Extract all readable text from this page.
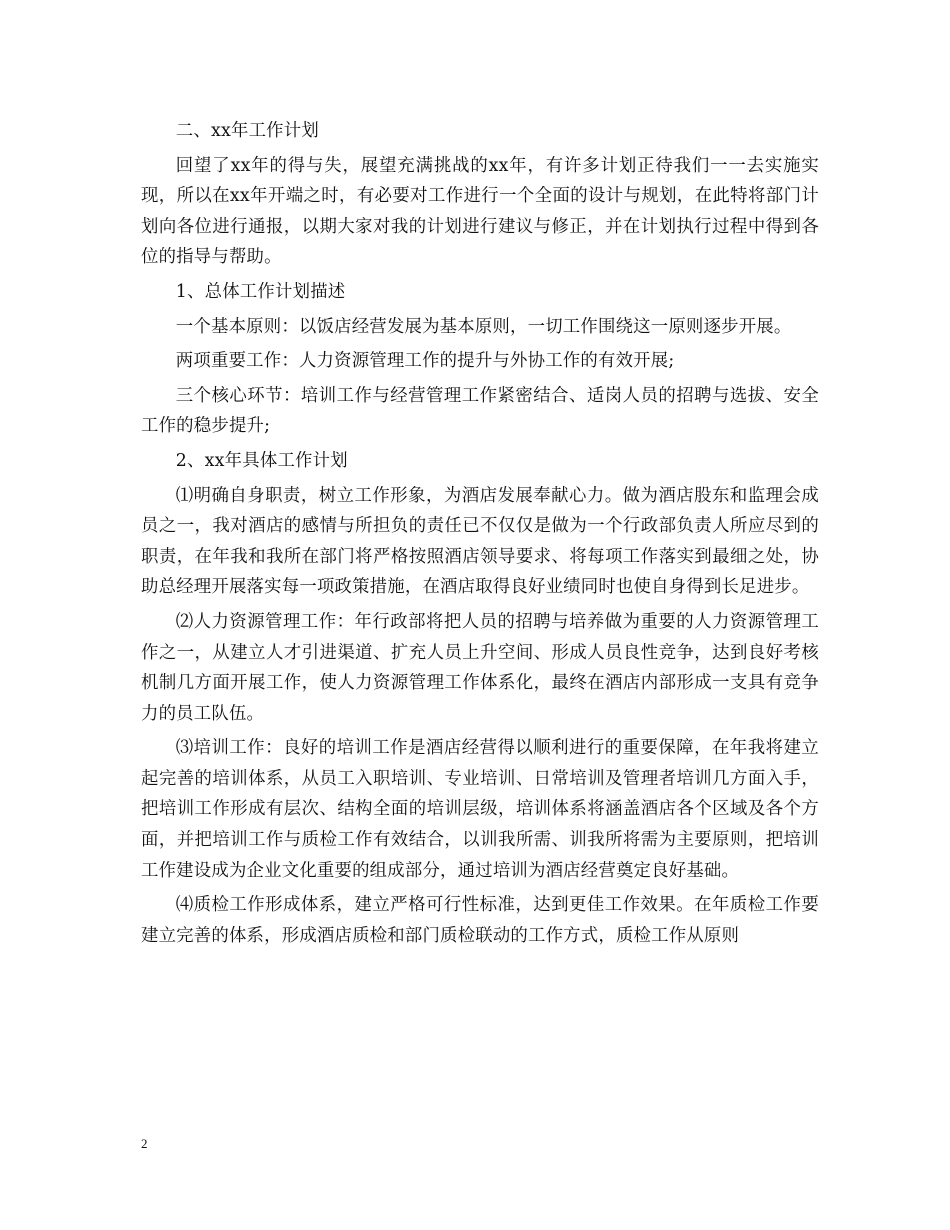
二、xx年工作计划

回望了xx年的得与失，展望充满挑战的xx年，有许多计划正待我们一一去实施实现，所以在xx年开端之时，有必要对工作进行一个全面的设计与规划，在此特将部门计划向各位进行通报，以期大家对我的计划进行建议与修正，并在计划执行过程中得到各位的指导与帮助。

1、总体工作计划描述

一个基本原则：以饭店经营发展为基本原则，一切工作围绕这一原则逐步开展。

两项重要工作：人力资源管理工作的提升与外协工作的有效开展;

三个核心环节：培训工作与经营管理工作紧密结合、适岗人员的招聘与选拔、安全工作的稳步提升;

2、xx年具体工作计划

⑴明确自身职责，树立工作形象，为酒店发展奉献心力。做为酒店股东和监理会成员之一，我对酒店的感情与所担负的责任已不仅仅是做为一个行政部负责人所应尽到的职责，在年我和我所在部门将严格按照酒店领导要求、将每项工作落实到最细之处，协助总经理开展落实每一项政策措施，在酒店取得良好业绩同时也使自身得到长足进步。

⑵人力资源管理工作：年行政部将把人员的招聘与培养做为重要的人力资源管理工作之一，从建立人才引进渠道、扩充人员上升空间、形成人员良性竞争，达到良好考核机制几方面开展工作，使人力资源管理工作体系化，最终在酒店内部形成一支具有竞争力的员工队伍。

⑶培训工作：良好的培训工作是酒店经营得以顺利进行的重要保障，在年我将建立起完善的培训体系，从员工入职培训、专业培训、日常培训及管理者培训几方面入手，把培训工作形成有层次、结构全面的培训层级，培训体系将涵盖酒店各个区域及各个方面，并把培训工作与质检工作有效结合，以训我所需、训我所将需为主要原则，把培训工作建设成为企业文化重要的组成部分，通过培训为酒店经营奠定良好基础。

⑷质检工作形成体系，建立严格可行性标准，达到更佳工作效果。在年质检工作要建立完善的体系，形成酒店质检和部门质检联动的工作方式，质检工作从原则

2
